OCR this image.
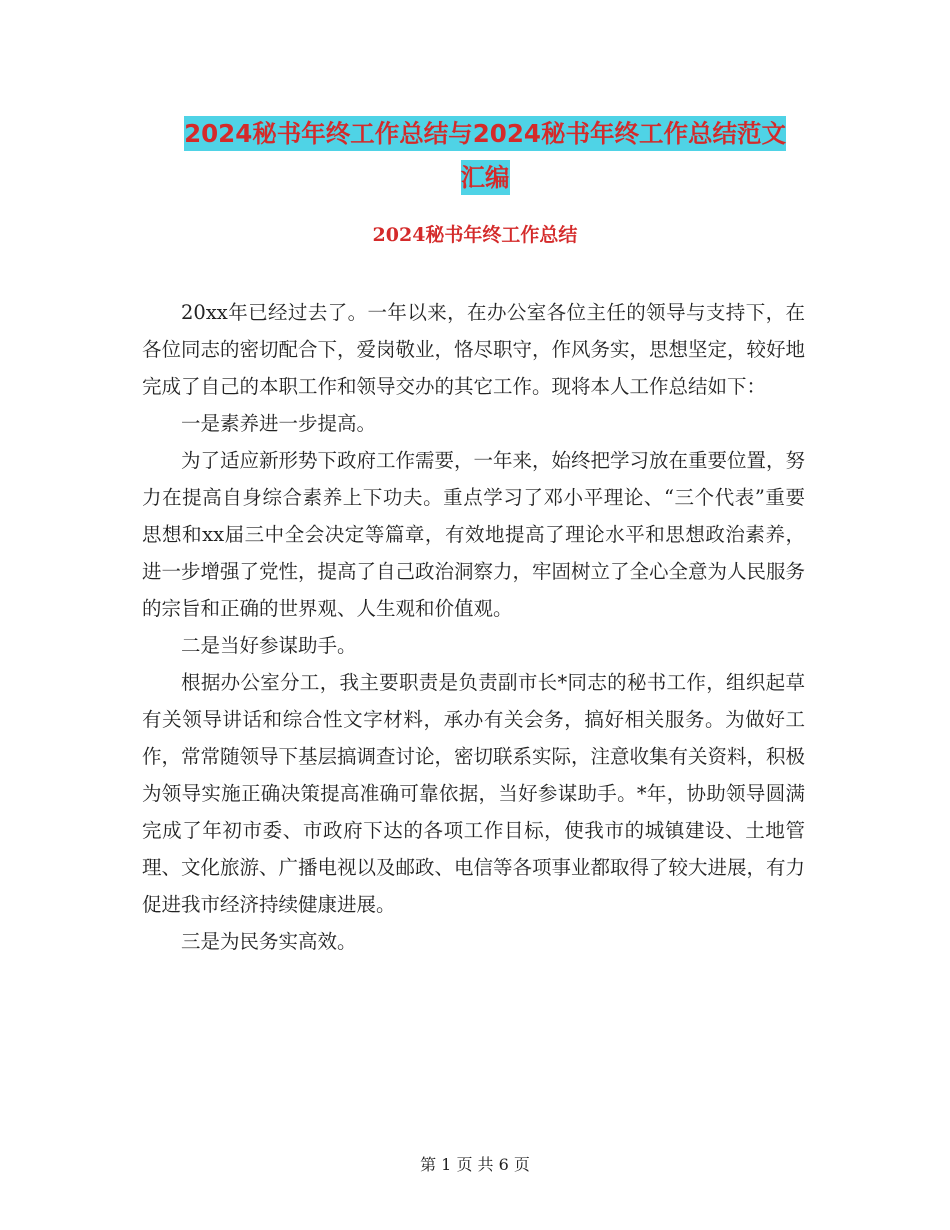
2024秘书年终工作总结与2024秘书年终工作总结范文
汇编
2024秘书年终工作总结

20xx年已经过去了。一年以来，在办公室各位主任的领导与支持下，在各位同志的密切配合下，爱岗敬业，恪尽职守，作风务实，思想坚定，较好地完成了自己的本职工作和领导交办的其它工作。现将本人工作总结如下：

一是素养进一步提高。

为了适应新形势下政府工作需要，一年来，始终把学习放在重要位置，努力在提高自身综合素养上下功夫。重点学习了邓小平理论、“三个代表”重要思想和xx届三中全会决定等篇章，有效地提高了理论水平和思想政治素养，进一步增强了党性，提高了自己政治洞察力，牢固树立了全心全意为人民服务的宗旨和正确的世界观、人生观和价值观。

二是当好参谋助手。

根据办公室分工，我主要职责是负责副市长*同志的秘书工作，组织起草有关领导讲话和综合性文字材料，承办有关会务，搞好相关服务。为做好工作，常常随领导下基层搞调查讨论，密切联系实际，注意收集有关资料，积极为领导实施正确决策提高准确可靠依据，当好参谋助手。*年，协助领导圆满完成了年初市委、市政府下达的各项工作目标，使我市的城镇建设、土地管理、文化旅游、广播电视以及邮政、电信等各项事业都取得了较大进展，有力促进我市经济持续健康进展。

三是为民务实高效。

第 1 页 共 6 页
